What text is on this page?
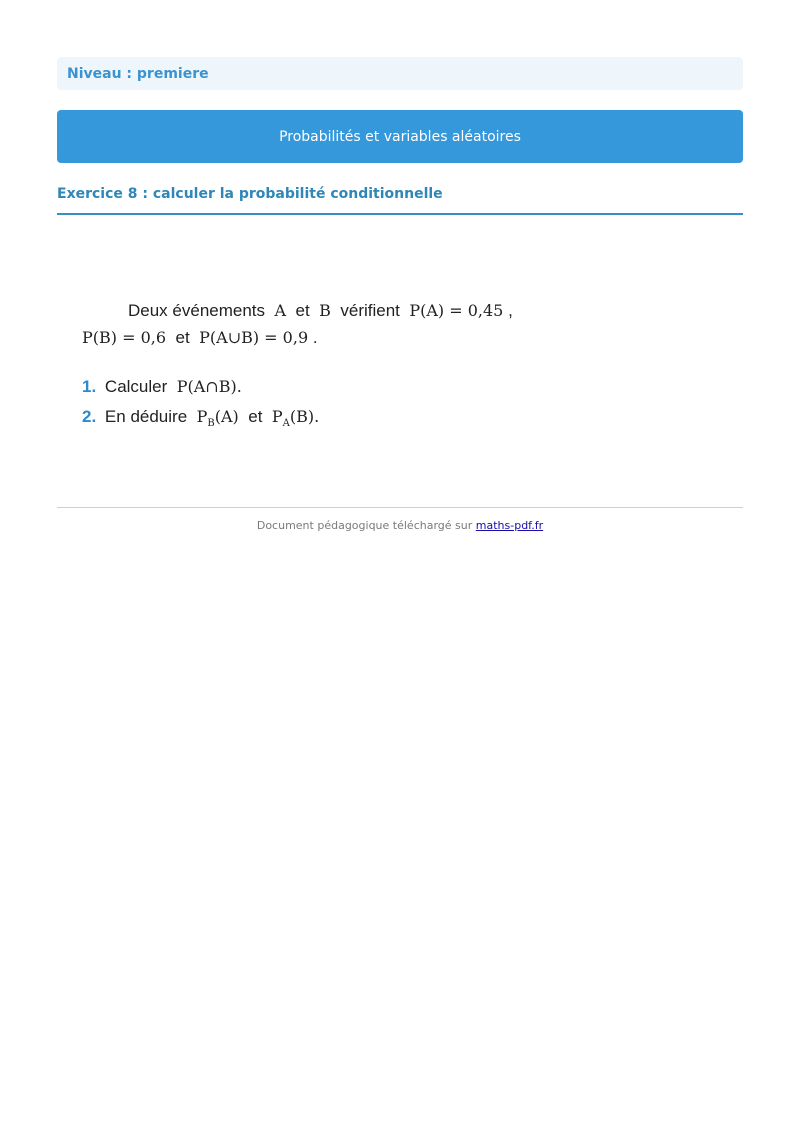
Niveau : premiere
Probabilités et variables aléatoires
Exercice 8 : calculer la probabilité conditionnelle
Deux événements A et B vérifient P(A) = 0,45 ,
P(B) = 0,6 et P(A∪B) = 0,9 .
1. Calculer P(A∩B).
2. En déduire $P_B(A)$ et $P_A(B)$.
Document pédagogique téléchargé sur maths-pdf.fr
